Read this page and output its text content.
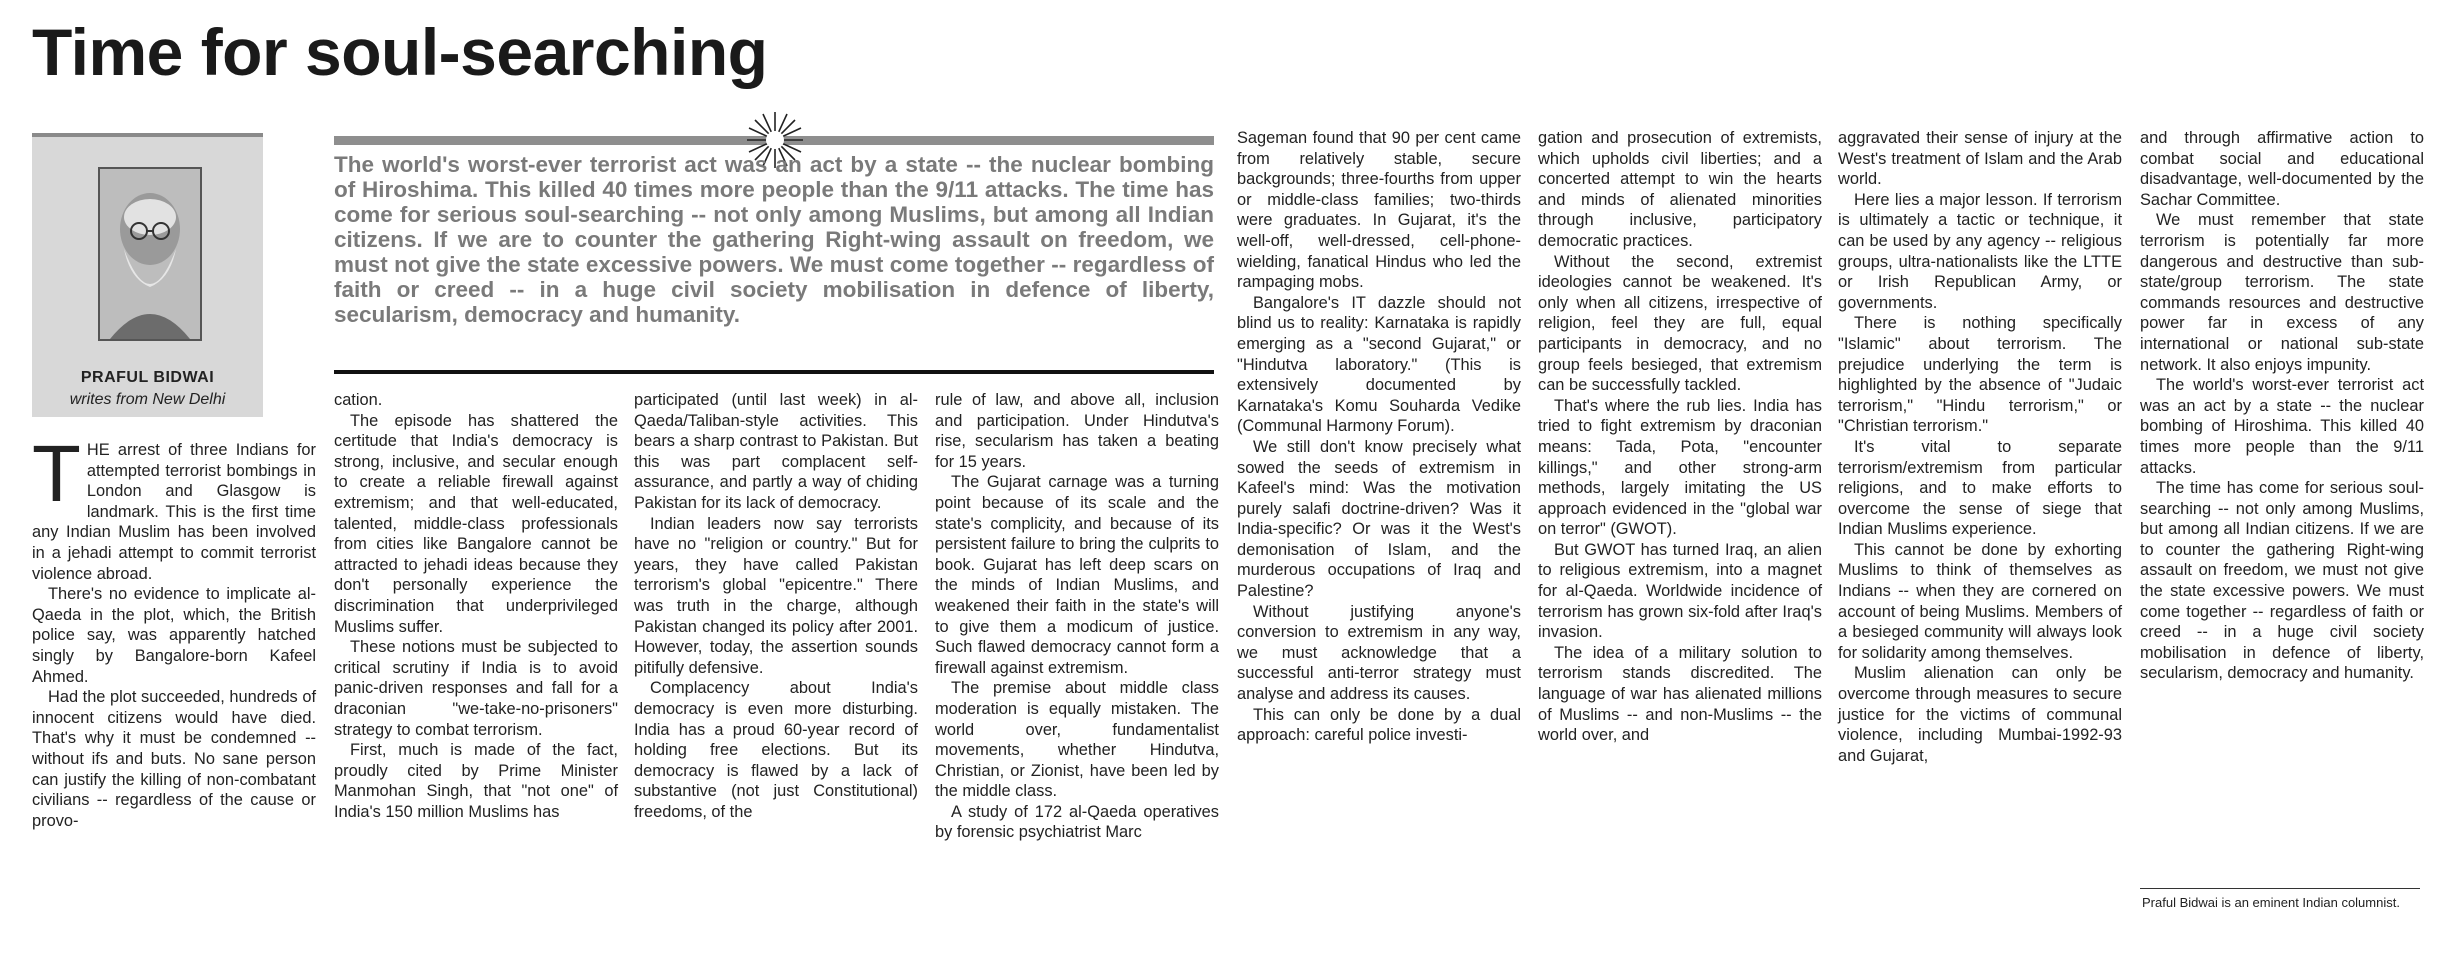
Time for soul-searching
PRAFUL BIDWAI
writes from New Delhi

The world's worst-ever terrorist act was an act by a state -- the nuclear bombing of Hiroshima. This killed 40 times more people than the 9/11 attacks. The time has come for serious soul-searching -- not only among Muslims, but among all Indian citizens. If we are to counter the gathering Right-wing assault on freedom, we must not give the state excessive powers. We must come together -- regardless of faith or creed -- in a huge civil society mobilisation in defence of liberty, secularism, democracy and humanity.

THE arrest of three Indians for attempted terrorist bombings in London and Glasgow is landmark. This is the first time any Indian Muslim has been involved in a jehadi attempt to commit terrorist violence abroad.

There's no evidence to implicate al-Qaeda in the plot, which, the British police say, was apparently hatched singly by Bangalore-born Kafeel Ahmed.

Had the plot succeeded, hundreds of innocent citizens would have died. That's why it must be condemned -- without ifs and buts. No sane person can justify the killing of non-combatant civilians -- regardless of the cause or provo-

cation.

The episode has shattered the certitude that India's democracy is strong, inclusive, and secular enough to create a reliable firewall against extremism; and that well-educated, talented, middle-class professionals from cities like Bangalore cannot be attracted to jehadi ideas because they don't personally experience the discrimination that underprivileged Muslims suffer.

These notions must be subjected to critical scrutiny if India is to avoid panic-driven responses and fall for a draconian "we-take-no-prisoners" strategy to combat terrorism.

First, much is made of the fact, proudly cited by Prime Minister Manmohan Singh, that "not one" of India's 150 million Muslims has

participated (until last week) in al-Qaeda/Taliban-style activities. This bears a sharp contrast to Pakistan. But this was part complacent self-assurance, and partly a way of chiding Pakistan for its lack of democracy.

Indian leaders now say terrorists have no "religion or country." But for years, they have called Pakistan terrorism's global "epicentre." There was truth in the charge, although Pakistan changed its policy after 2001. However, today, the assertion sounds pitifully defensive.

Complacency about India's democracy is even more disturbing. India has a proud 60-year record of holding free elections. But its democracy is flawed by a lack of substantive (not just Constitutional) freedoms, of the

rule of law, and above all, inclusion and participation. Under Hindutva's rise, secularism has taken a beating for 15 years.

The Gujarat carnage was a turning point because of its scale and the state's complicity, and because of its persistent failure to bring the culprits to book. Gujarat has left deep scars on the minds of Indian Muslims, and weakened their faith in the state's will to give them a modicum of justice. Such flawed democracy cannot form a firewall against extremism.

The premise about middle class moderation is equally mistaken. The world over, fundamentalist movements, whether Hindutva, Christian, or Zionist, have been led by the middle class.

A study of 172 al-Qaeda operatives by forensic psychiatrist Marc

Sageman found that 90 per cent came from relatively stable, secure backgrounds; three-fourths from upper or middle-class families; two-thirds were graduates. In Gujarat, it's the well-off, well-dressed, cell-phone-wielding, fanatical Hindus who led the rampaging mobs.

Bangalore's IT dazzle should not blind us to reality: Karnataka is rapidly emerging as a "second Gujarat," or "Hindutva laboratory." (This is extensively documented by Karnataka's Komu Souharda Vedike (Communal Harmony Forum).

We still don't know precisely what sowed the seeds of extremism in Kafeel's mind: Was the motivation purely salafi doctrine-driven? Was it India-specific? Or was it the West's demonisation of Islam, and the murderous occupations of Iraq and Palestine?

Without justifying anyone's conversion to extremism in any way, we must acknowledge that a successful anti-terror strategy must analyse and address its causes.

This can only be done by a dual approach: careful police investi-

gation and prosecution of extremists, which upholds civil liberties; and a concerted attempt to win the hearts and minds of alienated minorities through inclusive, participatory democratic practices.

Without the second, extremist ideologies cannot be weakened. It's only when all citizens, irrespective of religion, feel they are full, equal participants in democracy, and no group feels besieged, that extremism can be successfully tackled.

That's where the rub lies. India has tried to fight extremism by draconian means: Tada, Pota, "encounter killings," and other strong-arm methods, largely imitating the US approach evidenced in the "global war on terror" (GWOT).

But GWOT has turned Iraq, an alien to religious extremism, into a magnet for al-Qaeda. Worldwide incidence of terrorism has grown six-fold after Iraq's invasion.

The idea of a military solution to terrorism stands discredited. The language of war has alienated millions of Muslims -- and non-Muslims -- the world over, and

aggravated their sense of injury at the West's treatment of Islam and the Arab world.

Here lies a major lesson. If terrorism is ultimately a tactic or technique, it can be used by any agency -- religious groups, ultra-nationalists like the LTTE or Irish Republican Army, or governments.

There is nothing specifically "Islamic" about terrorism. The prejudice underlying the term is highlighted by the absence of "Judaic terrorism," "Hindu terrorism," or "Christian terrorism."

It's vital to separate terrorism/extremism from particular religions, and to make efforts to overcome the sense of siege that Indian Muslims experience.

This cannot be done by exhorting Muslims to think of themselves as Indians -- when they are cornered on account of being Muslims. Members of a besieged community will always look for solidarity among themselves.

Muslim alienation can only be overcome through measures to secure justice for the victims of communal violence, including Mumbai-1992-93 and Gujarat,

and through affirmative action to combat social and educational disadvantage, well-documented by the Sachar Committee.

We must remember that state terrorism is potentially far more dangerous and destructive than sub-state/group terrorism. The state commands resources and destructive power far in excess of any international or national sub-state network. It also enjoys impunity.

The world's worst-ever terrorist act was an act by a state -- the nuclear bombing of Hiroshima. This killed 40 times more people than the 9/11 attacks.

The time has come for serious soul-searching -- not only among Muslims, but among all Indian citizens. If we are to counter the gathering Right-wing assault on freedom, we must not give the state excessive powers. We must come together -- regardless of faith or creed -- in a huge civil society mobilisation in defence of liberty, secularism, democracy and humanity.

Praful Bidwai is an eminent Indian columnist.
